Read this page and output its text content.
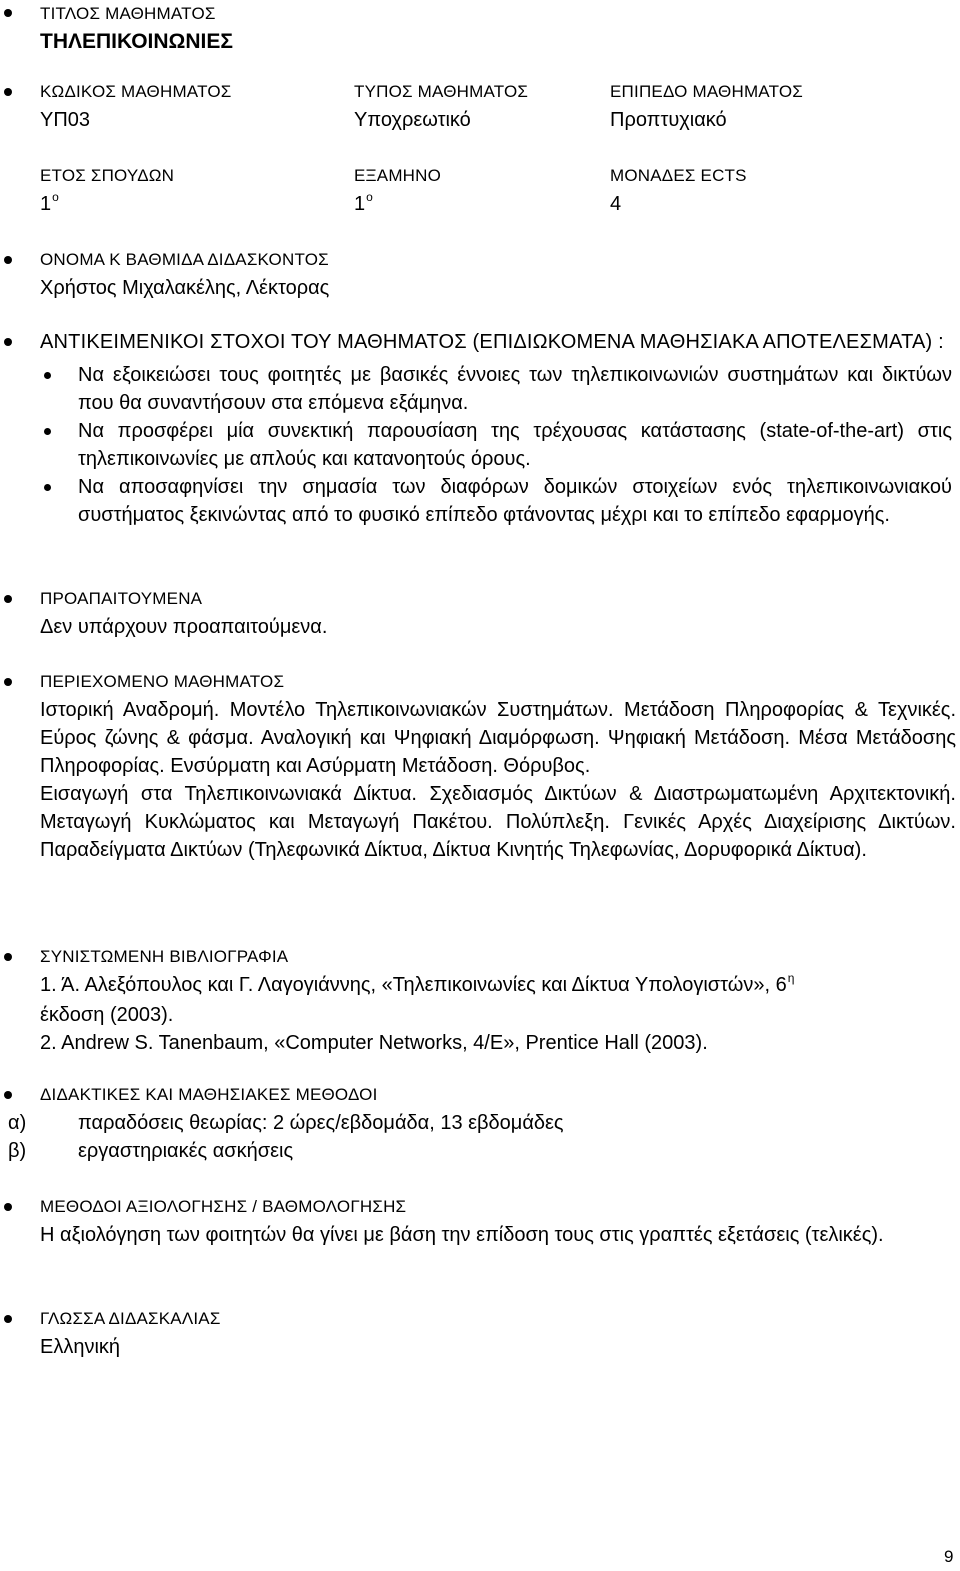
ΤΙΤΛΟΣ ΜΑΘΗΜΑΤΟΣ
ΤΗΛΕΠΙΚΟΙΝΩΝΙΕΣ
ΚΩΔΙΚΟΣ ΜΑΘΗΜΑΤΟΣ
ΥΠ03
ΤΥΠΟΣ ΜΑΘΗΜΑΤΟΣ
Υποχρεωτικό
ΕΠΙΠΕΔΟ ΜΑΘΗΜΑΤΟΣ
Προπτυχιακό
ΕΤΟΣ ΣΠΟΥΔΩΝ
$1^o$
ΕΞΑΜΗΝΟ
$1^o$
ΜΟΝΑΔΕΣ ECTS
4
ΟΝΟΜΑ Κ ΒΑΘΜΙΔΑ ΔΙΔΑΣΚΟΝΤΟΣ
Χρήστος Μιχαλακέλης, Λέκτορας
ΑΝΤΙΚΕΙΜΕΝΙΚΟΙ ΣΤΟΧΟΙ ΤΟΥ ΜΑΘΗΜΑΤΟΣ (ΕΠΙΔΙΩΚΟΜΕΝΑ ΜΑΘΗΣΙΑΚΑ ΑΠΟΤΕΛΕΣΜΑΤΑ) :
Να εξοικειώσει τους φοιτητές με βασικές έννοιες των τηλεπικοινωνιών συστημάτων και δικτύων που θα συναντήσουν στα επόμενα εξάμηνα.
Να προσφέρει μία συνεκτική παρουσίαση της τρέχουσας κατάστασης (state-of-the-art) στις τηλεπικοινωνίες με απλούς και κατανοητούς όρους.
Να αποσαφηνίσει την σημασία των διαφόρων δομικών στοιχείων ενός τηλεπικοινωνιακού συστήματος ξεκινώντας από το φυσικό επίπεδο φτάνοντας μέχρι και το επίπεδο εφαρμογής.
ΠΡΟΑΠΑΙΤΟΥΜΕΝΑ
Δεν υπάρχουν προαπαιτούμενα.
ΠΕΡΙΕΧΟΜΕΝΟ ΜΑΘΗΜΑΤΟΣ
Ιστορική Αναδρομή. Μοντέλο Τηλεπικοινωνιακών Συστημάτων. Μετάδοση Πληροφορίας & Τεχνικές. Εύρος ζώνης & φάσμα. Αναλογική και Ψηφιακή Διαμόρφωση. Ψηφιακή Μετάδοση. Μέσα Μετάδοσης Πληροφορίας. Ενσύρματη και Ασύρματη Μετάδοση. Θόρυβος.
Εισαγωγή στα Τηλεπικοινωνιακά Δίκτυα. Σχεδιασμός Δικτύων & Διαστρωματωμένη Αρχιτεκτονική. Μεταγωγή Κυκλώματος και Μεταγωγή Πακέτου. Πολύπλεξη. Γενικές Αρχές Διαχείρισης Δικτύων. Παραδείγματα Δικτύων (Τηλεφωνικά Δίκτυα, Δίκτυα Κινητής Τηλεφωνίας, Δορυφορικά Δίκτυα).
ΣΥΝΙΣΤΩΜΕΝΗ ΒΙΒΛΙΟΓΡΑΦΙΑ
1. Ά. Αλεξόπουλος και Γ. Λαγογιάννης, «Τηλεπικοινωνίες και Δίκτυα Υπολογιστών», $6^\eta$
έκδοση (2003).
2. Andrew S. Tanenbaum, «Computer Networks, 4/E», Prentice Hall (2003).
ΔΙΔΑΚΤΙΚΕΣ ΚΑΙ ΜΑΘΗΣΙΑΚΕΣ ΜΕΘΟΔΟΙ
α)	παραδόσεις θεωρίας: 2 ώρες/εβδομάδα, 13 εβδομάδες
β)	εργαστηριακές ασκήσεις
ΜΕΘΟΔΟΙ ΑΞΙΟΛΟΓΗΣΗΣ / ΒΑΘΜΟΛΟΓΗΣΗΣ
Η αξιολόγηση των φοιτητών θα γίνει με βάση την επίδοση τους στις γραπτές εξετάσεις (τελικές).
ΓΛΩΣΣΑ ΔΙΔΑΣΚΑΛΙΑΣ
Ελληνική
9
